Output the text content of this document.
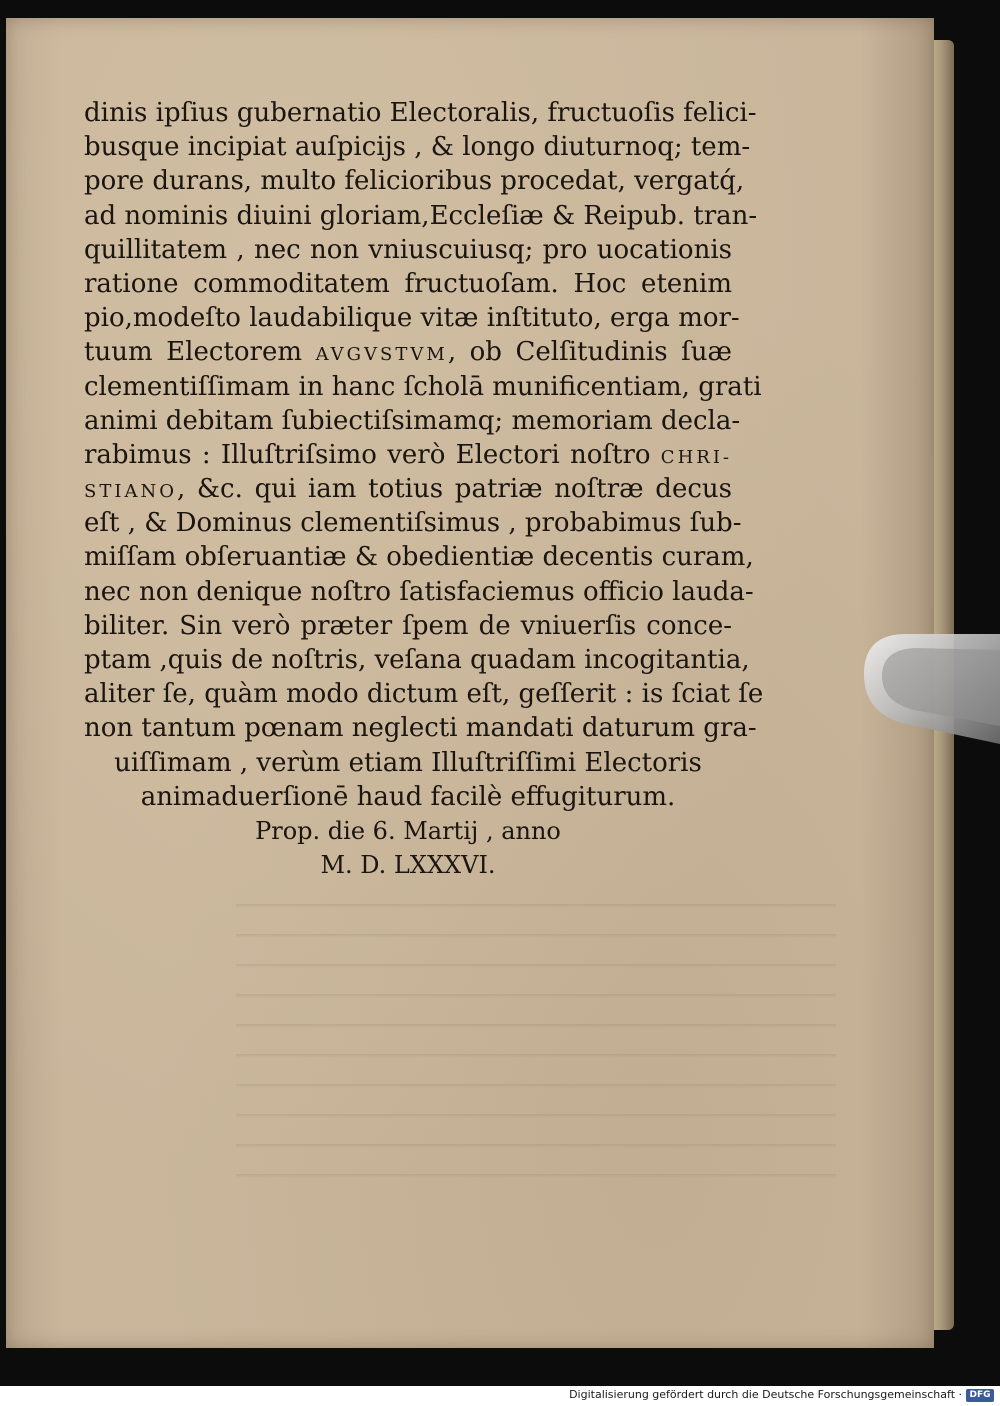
dinis ipſius gubernatio Electoralis, fructuoſis felici-
busque incipiat auſpicijs , & longo diuturnoq; tem-
pore durans, multo felicioribus procedat, vergatq́,
ad nominis diuini gloriam,Eccleſiæ & Reipub. tran-
quillitatem , nec non vniuscuiusq; pro uocationis
ratione commoditatem fructuoſam. Hoc etenim
pio,modeſto laudabilique vitæ inſtituto, erga mor-
tuum Electorem AVGVSTVM, ob Celſitudinis ſuæ
clementiſſimam in hanc ſcholā munificentiam, grati
animi debitam ſubiectiſsimamq; memoriam decla-
rabimus : Illuſtriſsimo verò Electori noſtro CHRI-
STIANO, &c. qui iam totius patriæ noſtræ decus
eſt , & Dominus clementiſsimus , probabimus ſub-
miſſam obſeruantiæ & obedientiæ decentis curam,
nec non denique noſtro ſatisfaciemus officio lauda-
biliter. Sin verò præter ſpem de vniuerſis conce-
ptam ,quis de noſtris, veſana quadam incogitantia,
aliter ſe, quàm modo dictum eſt, geſſerit : is ſciat ſe
non tantum pœnam neglecti mandati daturum gra-
uiſſimam , verùm etiam Illuſtriſſimi Electoris
animaduerſionē haud facilè effugiturum.
Prop. die 6. Martij , anno
M. D. LXXXVI.
Digitalisierung gefördert durch die Deutsche Forschungsgemeinschaft · DFG
